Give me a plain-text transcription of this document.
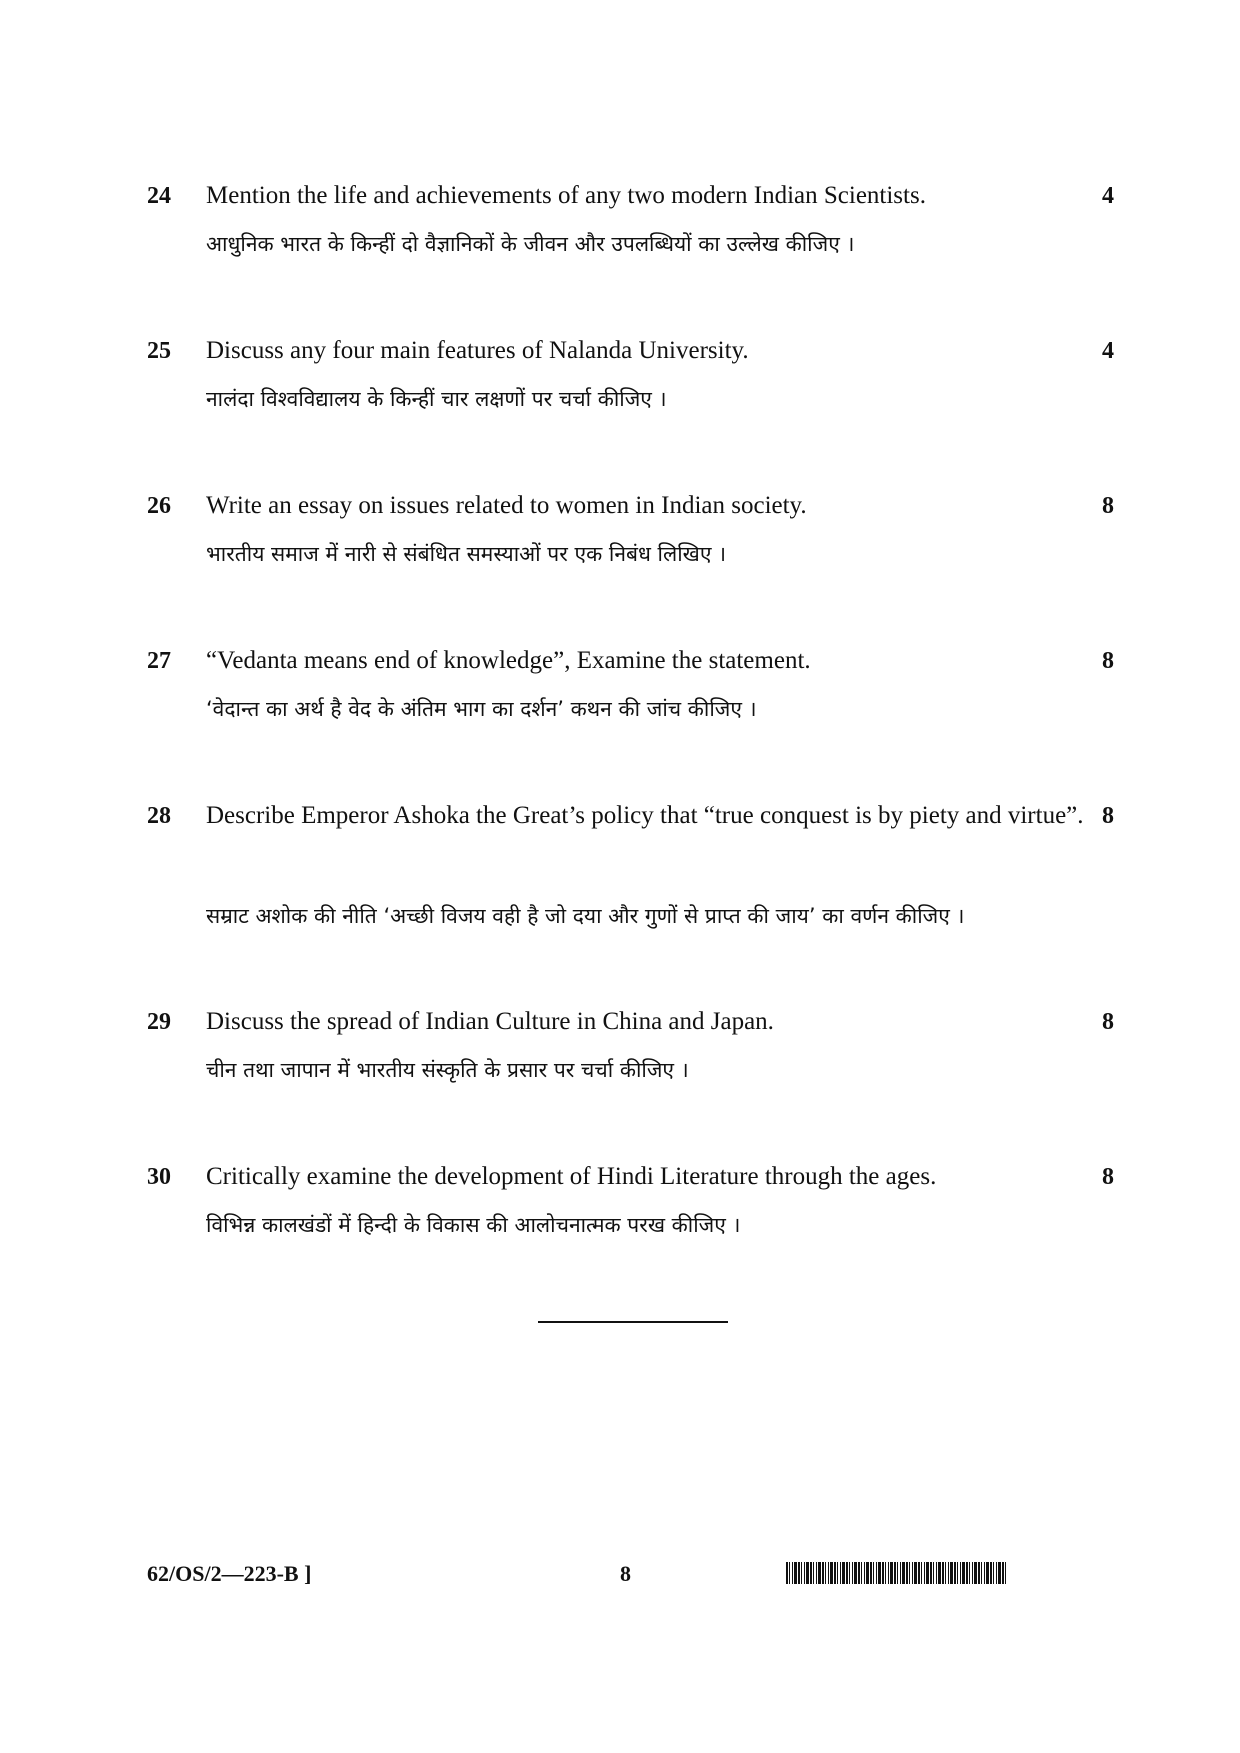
24 Mention the life and achievements of any two modern Indian Scientists.
आधुनिक भारत के किन्हीं दो वैज्ञानिकों के जीवन और उपलब्धियों का उल्लेख कीजिए ।
4
25 Discuss any four main features of Nalanda University.
नालंदा विश्वविद्यालय के किन्हीं चार लक्षणों पर चर्चा कीजिए ।
4
26 Write an essay on issues related to women in Indian society.
भारतीय समाज में नारी से संबंधित समस्याओं पर एक निबंध लिखिए ।
8
27 “Vedanta means end of knowledge”, Examine the statement.
‘वेदान्त का अर्थ है वेद के अंतिम भाग का दर्शन’ कथन की जांच कीजिए ।
8
28 Describe Emperor Ashoka the Great’s policy that “true conquest is by piety and virtue”.
सम्राट अशोक की नीति ‘अच्छी विजय वही है जो दया और गुणों से प्राप्त की जाय’ का वर्णन कीजिए ।
8
29 Discuss the spread of Indian Culture in China and Japan.
चीन तथा जापान में भारतीय संस्कृति के प्रसार पर चर्चा कीजिए ।
8
30 Critically examine the development of Hindi Literature through the ages.
विभिन्न कालखंडों में हिन्दी के विकास की आलोचनात्मक परख कीजिए ।
8
62/OS/2—223-B ]	8
